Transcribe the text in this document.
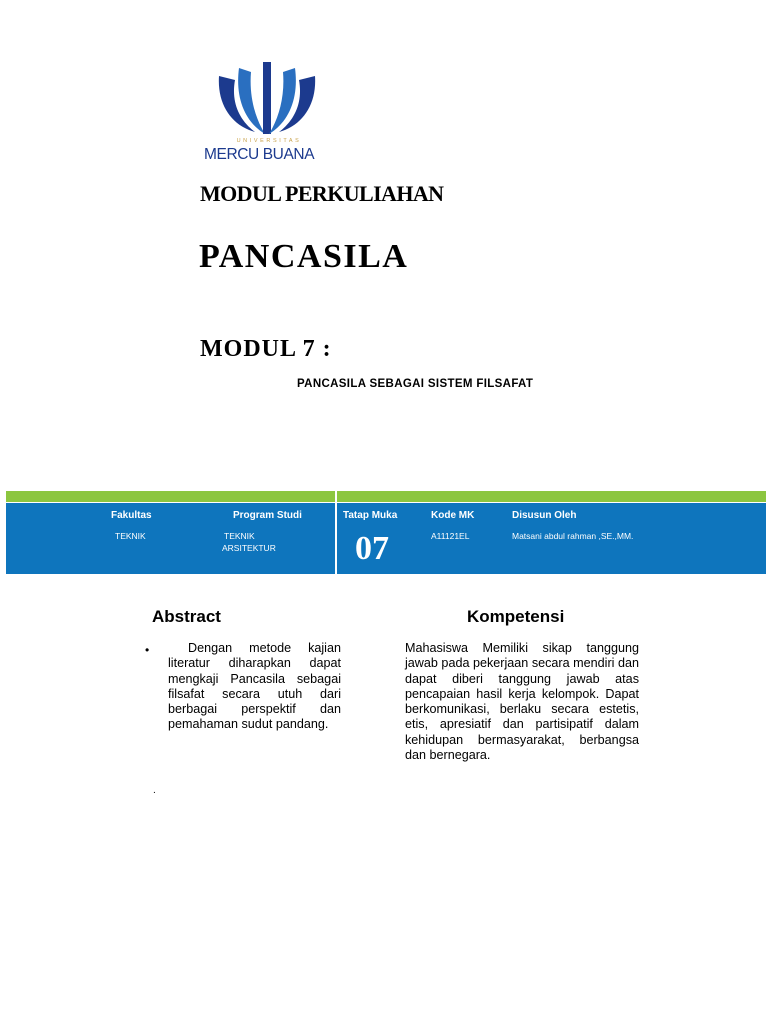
UNIVERSITAS
MERCU BUANA
MODUL PERKULIAHAN
PANCASILA
MODUL 7 :
PANCASILA SEBAGAI SISTEM FILSAFAT
Fakultas
TEKNIK
Program Studi
TEKNIK
ARSITEKTUR
Tatap Muka
07
Kode MK
A11121EL
Disusun Oleh
Matsani abdul rahman ,SE.,MM.
Abstract
•	Dengan metode kajian literatur diharapkan dapat mengkaji Pancasila sebagai filsafat secara utuh dari berbagai perspektif dan pemahaman sudut pandang.
.
Kompetensi
Mahasiswa Memiliki sikap tanggung jawab pada pekerjaan secara mendiri dan dapat diberi tanggung jawab atas pencapaian hasil kerja kelompok. Dapat berkomunikasi, berlaku secara estetis, etis, apresiatif dan partisipatif dalam kehidupan bermasyarakat, berbangsa dan bernegara.
